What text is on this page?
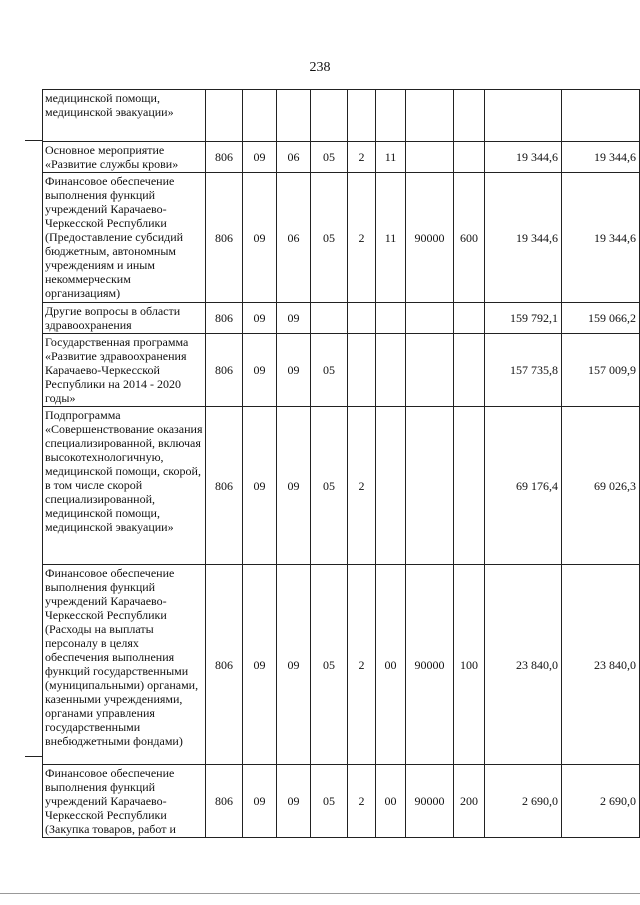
238
медицинской помощи, медицинской эвакуации»										
Основное мероприятие «Развитие службы крови»	806	09	06	05	2	11			19 344,6	19 344,6
Финансовое обеспечение выполнения функций учреждений Карачаево-Черкесской Республики (Предоставление субсидий бюджетным, автономным учреждениям и иным некоммерческим организациям)	806	09	06	05	2	11	90000	600	19 344,6	19 344,6
Другие вопросы в области здравоохранения	806	09	09						159 792,1	159 066,2
Государственная программа «Развитие здравоохранения Карачаево-Черкесской Республики на 2014 - 2020 годы»	806	09	09	05					157 735,8	157 009,9
Подпрограмма «Совершенствование оказания специализированной, включая высокотехнологичную, медицинской помощи, скорой, в том числе скорой специализированной, медицинской помощи, медицинской эвакуации»	806	09	09	05	2				69 176,4	69 026,3
Финансовое обеспечение выполнения функций учреждений Карачаево-Черкесской Республики (Расходы на выплаты персоналу в целях обеспечения выполнения функций государственными (муниципальными) органами, казенными учреждениями, органами управления государственными внебюджетными фондами)	806	09	09	05	2	00	90000	100	23 840,0	23 840,0
Финансовое обеспечение выполнения функций учреждений Карачаево-Черкесской Республики (Закупка товаров, работ и	806	09	09	05	2	00	90000	200	2 690,0	2 690,0
